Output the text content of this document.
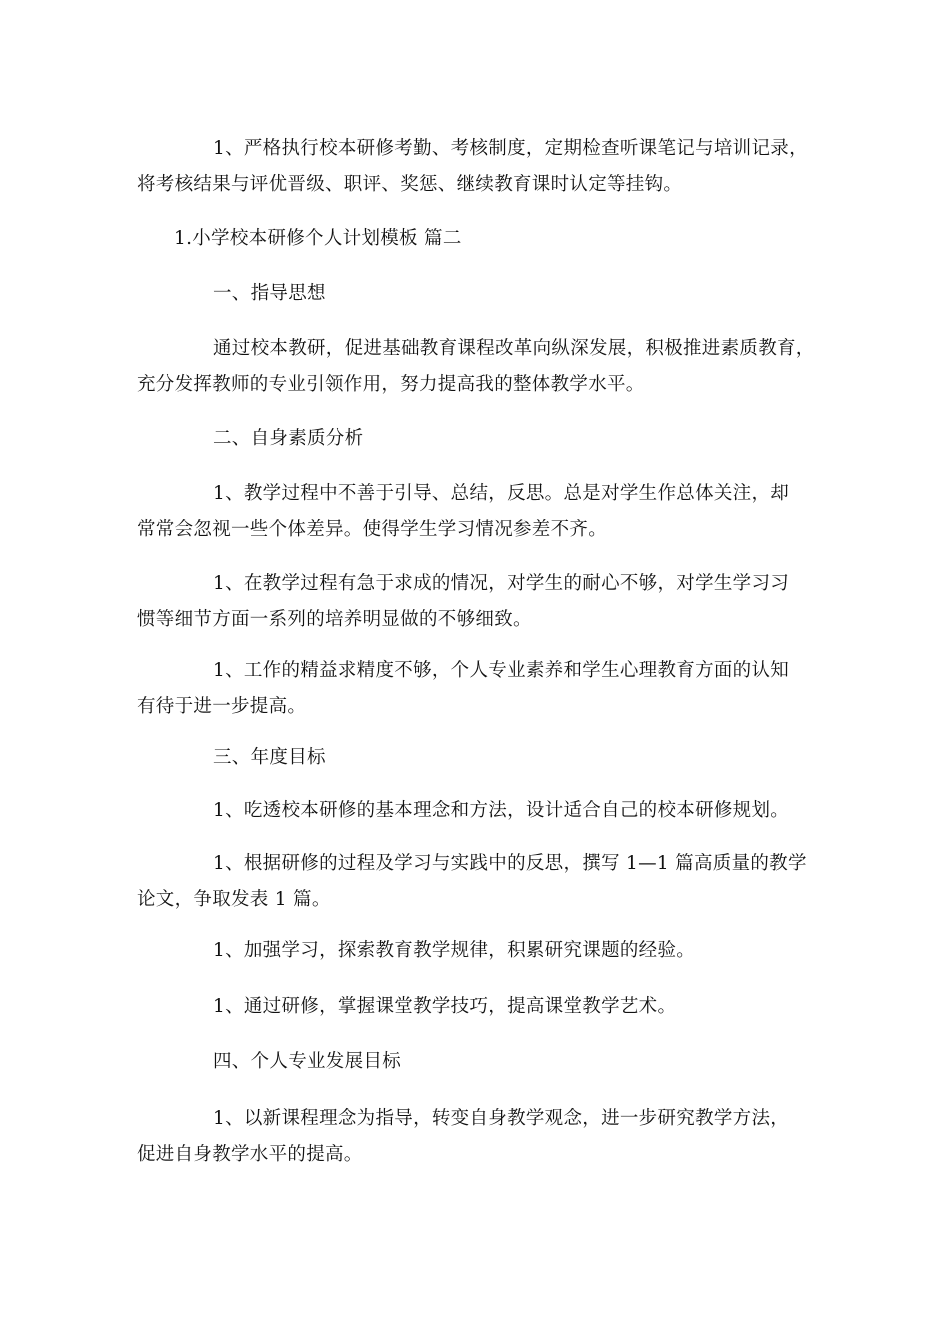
1、严格执行校本研修考勤、考核制度，定期检查听课笔记与培训记录，
将考核结果与评优晋级、职评、奖惩、继续教育课时认定等挂钩。
1.小学校本研修个人计划模板 篇二
一、指导思想
通过校本教研，促进基础教育课程改革向纵深发展，积极推进素质教育，
充分发挥教师的专业引领作用，努力提高我的整体教学水平。
二、自身素质分析
1、教学过程中不善于引导、总结，反思。总是对学生作总体关注，却
常常会忽视一些个体差异。使得学生学习情况参差不齐。
1、在教学过程有急于求成的情况，对学生的耐心不够，对学生学习习
惯等细节方面一系列的培养明显做的不够细致。
1、工作的精益求精度不够，个人专业素养和学生心理教育方面的认知
有待于进一步提高。
三、年度目标
1、吃透校本研修的基本理念和方法，设计适合自己的校本研修规划。
1、根据研修的过程及学习与实践中的反思，撰写 1—1 篇高质量的教学
论文，争取发表 1 篇。
1、加强学习，探索教育教学规律，积累研究课题的经验。
1、通过研修，掌握课堂教学技巧，提高课堂教学艺术。
四、个人专业发展目标
1、以新课程理念为指导，转变自身教学观念，进一步研究教学方法，
促进自身教学水平的提高。
